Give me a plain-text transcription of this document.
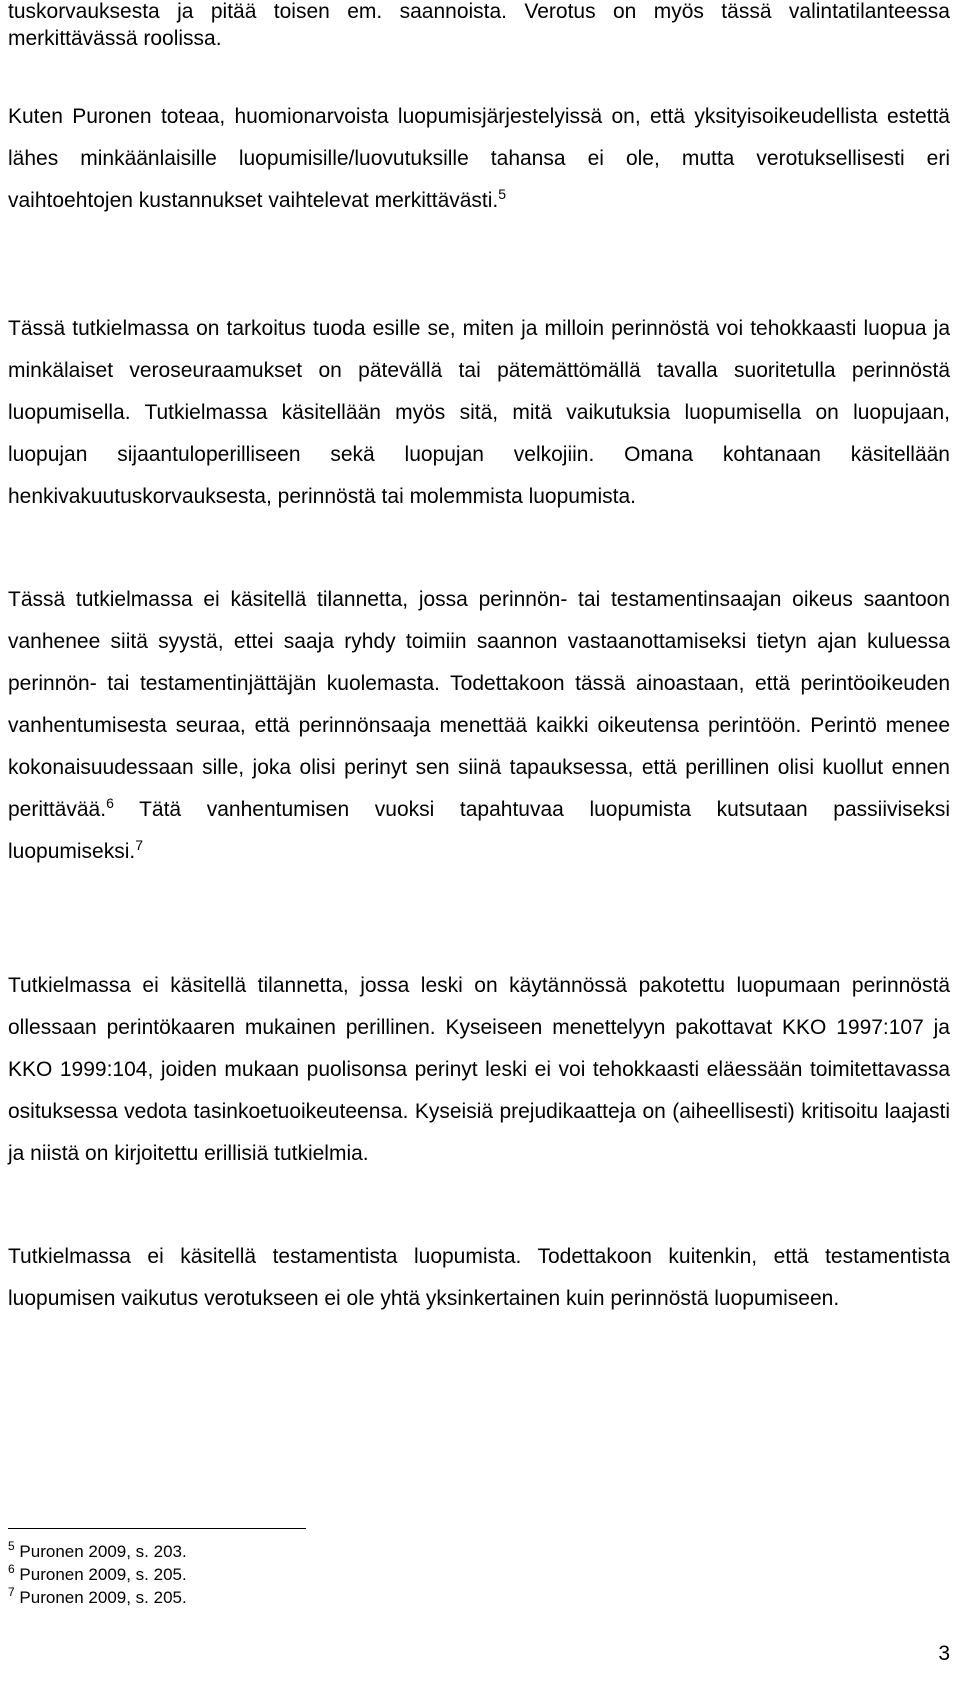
tuskorvauksesta ja pitää toisen em. saannoista. Verotus on myös tässä valintatilanteessa merkittävässä roolissa.

Kuten Puronen toteaa, huomionarvoista luopumisjärjestelyissä on, että yksityisoikeudellista estettä lähes minkäänlaisille luopumisille/luovutuksille tahansa ei ole, mutta verotuksellisesti eri vaihtoehtojen kustannukset vaihtelevat merkittävästi.$^5$

Tässä tutkielmassa on tarkoitus tuoda esille se, miten ja milloin perinnöstä voi tehokkaasti luopua ja minkälaiset veroseuraamukset on pätevällä tai pätemättömällä tavalla suoritetulla perinnöstä luopumisella. Tutkielmassa käsitellään myös sitä, mitä vaikutuksia luopumisella on luopujaan, luopujan sijaantuloperilliseen sekä luopujan velkojiin. Omana kohtanaan käsitellään henkivakuutuskorvauksesta, perinnöstä tai molemmista luopumista.

Tässä tutkielmassa ei käsitellä tilannetta, jossa perinnön- tai testamentinsaajan oikeus saantoon vanhenee siitä syystä, ettei saaja ryhdy toimiin saannon vastaanottamiseksi tietyn ajan kuluessa perinnön- tai testamentinjättäjän kuolemasta. Todettakoon tässä ainoastaan, että perintöoikeuden vanhentumisesta seuraa, että perinnönsaaja menettää kaikki oikeutensa perintöön. Perintö menee kokonaisuudessaan sille, joka olisi perinyt sen siinä tapauksessa, että perillinen olisi kuollut ennen perittävää.$^6$ Tätä vanhentumisen vuoksi tapahtuvaa luopumista kutsutaan passiiviseksi luopumiseksi.$^7$

Tutkielmassa ei käsitellä tilannetta, jossa leski on käytännössä pakotettu luopumaan perinnöstä ollessaan perintökaaren mukainen perillinen. Kyseiseen menettelyyn pakottavat KKO 1997:107 ja KKO 1999:104, joiden mukaan puolisonsa perinyt leski ei voi tehokkaasti eläessään toimitettavassa osituksessa vedota tasinkoetuoikeuteensa. Kyseisiä prejudikaatteja on (aiheellisesti) kritisoitu laajasti ja niistä on kirjoitettu erillisiä tutkielmia.

Tutkielmassa ei käsitellä testamentista luopumista. Todettakoon kuitenkin, että testamentista luopumisen vaikutus verotukseen ei ole yhtä yksinkertainen kuin perinnöstä luopumiseen.

$^5$ Puronen 2009, s. 203.
$^6$ Puronen 2009, s. 205.
$^7$ Puronen 2009, s. 205.
3
